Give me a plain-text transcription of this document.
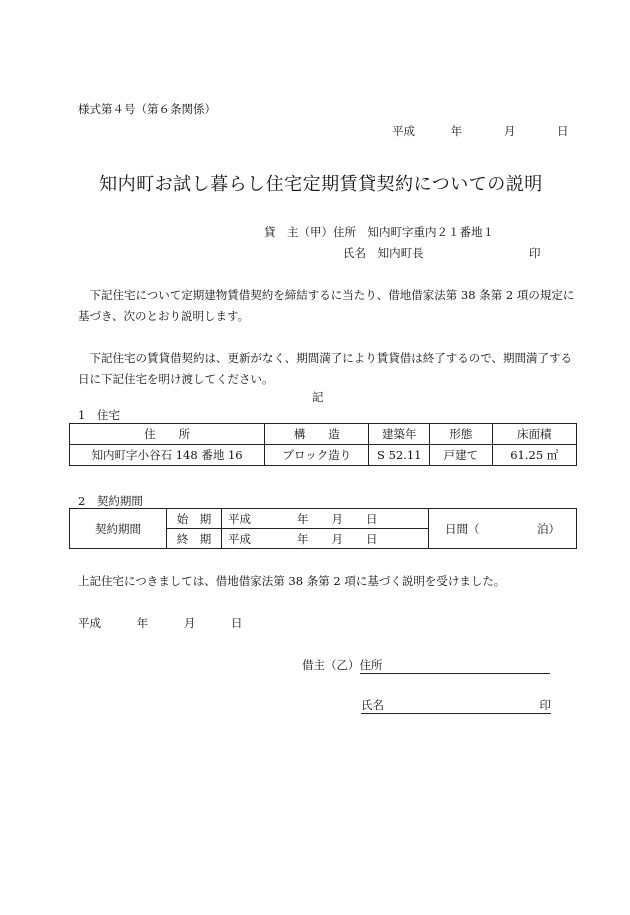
様式第４号（第６条関係）
平成	年	月	日
知内町お試し暮らし住宅定期賃貸契約についての説明
貸　主（甲）住所　知内町字重内２１番地１
氏名 知内町長	印
下記住宅について定期建物賃借契約を締結するに当たり、借地借家法第 38 条第 2 項の規定に基づき、次のとおり説明します。
下記住宅の賃貸借契約は、更新がなく、期間満了により賃貸借は終了するので、期間満了する日に下記住宅を明け渡してください。
記
1　住宅
住　　所	構　　造	建築年	形態	床面積
知内町字小谷石 148 番地 16	ブロック造り	S 52.11	戸建て	61.25 ㎡
2　契約期間
契約期間	始　期	平成　　　　年　　月　　日	日間（　　　　　泊）
	終　期	平成　　　　年　　月　　日	
上記住宅につきましては、借地借家法第 38 条第 2 項に基づく説明を受けました。
平成	年	月	日
借主（乙）住所
氏名	印
